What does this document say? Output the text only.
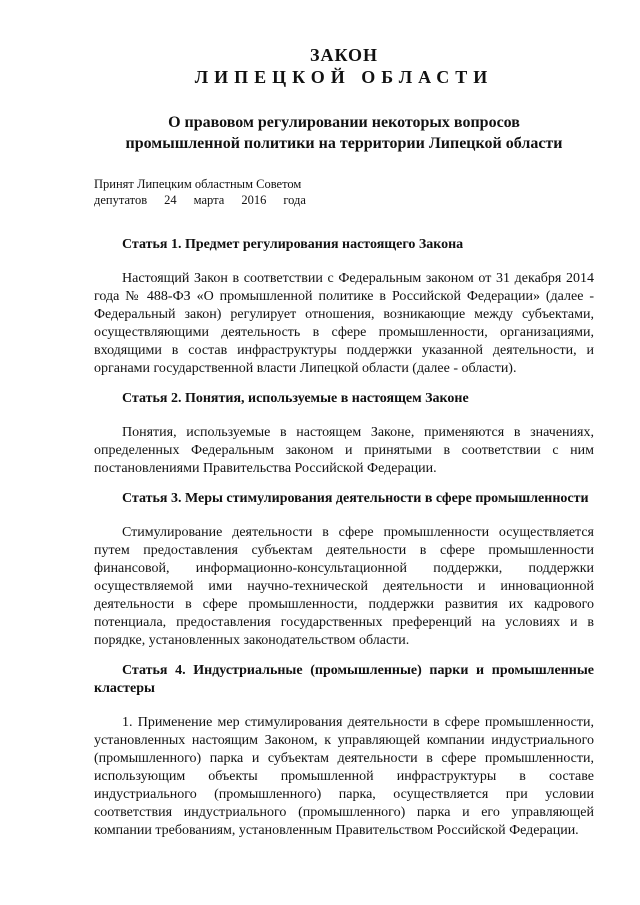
ЗАКОН
ЛИПЕЦКОЙ ОБЛАСТИ
О правовом регулировании некоторых вопросов
промышленной политики на территории Липецкой области
Принят Липецким областным Советом
депутатов 24 марта 2016 года
Статья 1. Предмет регулирования настоящего Закона

Настоящий Закон в соответствии с Федеральным законом от 31 декабря 2014 года № 488-ФЗ «О промышленной политике в Российской Федерации» (далее - Федеральный закон) регулирует отношения, возникающие между субъектами, осуществляющими деятельность в сфере промышленности, организациями, входящими в состав инфраструктуры поддержки указанной деятельности, и органами государственной власти Липецкой области (далее - области).

Статья 2. Понятия, используемые в настоящем Законе

Понятия, используемые в настоящем Законе, применяются в значениях, определенных Федеральным законом и принятыми в соответствии с ним постановлениями Правительства Российской Федерации.

Статья 3. Меры стимулирования деятельности в сфере промышленности

Стимулирование деятельности в сфере промышленности осуществляется путем предоставления субъектам деятельности в сфере промышленности финансовой, информационно-консультационной поддержки, поддержки осуществляемой ими научно-технической деятельности и инновационной деятельности в сфере промышленности, поддержки развития их кадрового потенциала, предоставления государственных преференций на условиях и в порядке, установленных законодательством области.

Статья 4. Индустриальные (промышленные) парки и промышленные кластеры

1. Применение мер стимулирования деятельности в сфере промышленности, установленных настоящим Законом, к управляющей компании индустриального (промышленного) парка и субъектам деятельности в сфере промышленности, использующим объекты промышленной инфраструктуры в составе индустриального (промышленного) парка, осуществляется при условии соответствия индустриального (промышленного) парка и его управляющей компании требованиям, установленным Правительством Российской Федерации.
